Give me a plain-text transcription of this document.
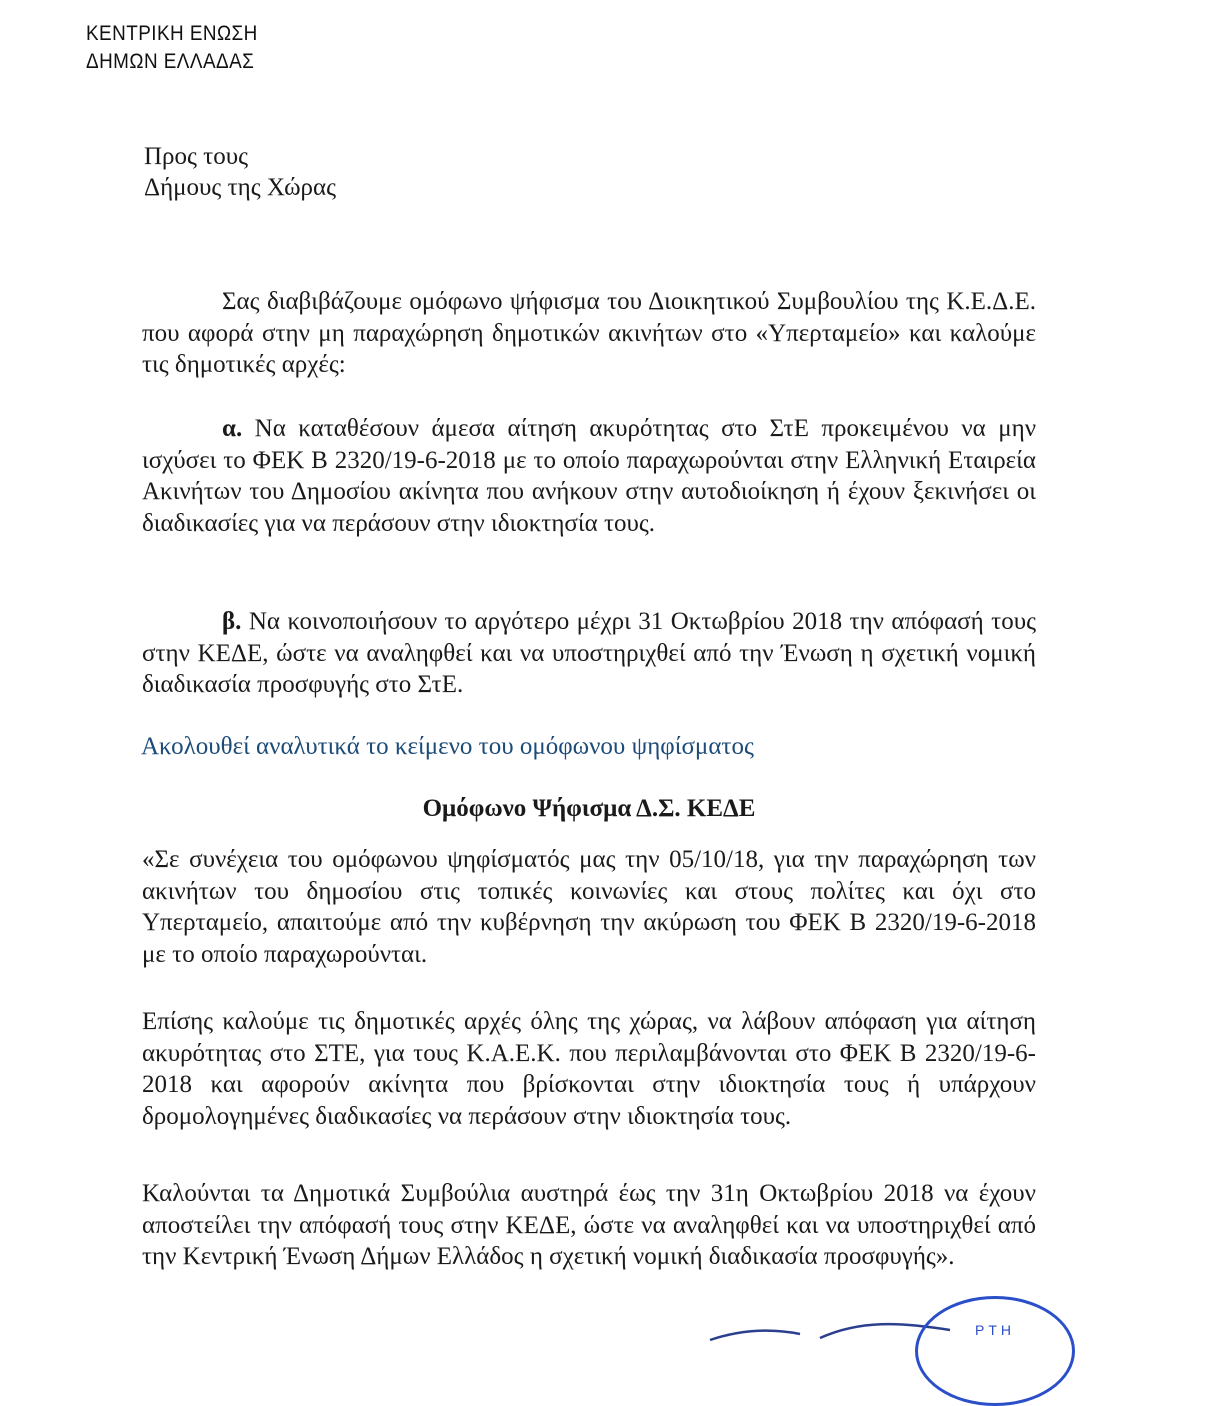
ΚΕΝΤΡΙΚΗ ΕΝΩΣΗ
ΔΗΜΩΝ ΕΛΛΑΔΑΣ
Προς τους
Δήμους της Χώρας

Σας διαβιβάζουμε ομόφωνο ψήφισμα του Διοικητικού Συμβουλίου της Κ.Ε.Δ.Ε. που αφορά στην μη παραχώρηση δημοτικών ακινήτων στο «Υπερταμείο» και καλούμε τις δημοτικές αρχές:

α. Να καταθέσουν άμεσα αίτηση ακυρότητας στο ΣτΕ προκειμένου να μην ισχύσει το ΦΕΚ Β 2320/19-6-2018 με το οποίο παραχωρούνται στην Ελληνική Εταιρεία Ακινήτων του Δημοσίου ακίνητα που ανήκουν στην αυτοδιοίκηση ή έχουν ξεκινήσει οι διαδικασίες για να περάσουν στην ιδιοκτησία τους.

β. Να κοινοποιήσουν το αργότερο μέχρι 31 Οκτωβρίου 2018 την απόφασή τους στην ΚΕΔΕ, ώστε να αναληφθεί και να υποστηριχθεί από την Ένωση η σχετική νομική διαδικασία προσφυγής στο ΣτΕ.

Ακολουθεί αναλυτικά το κείμενο του ομόφωνου ψηφίσματος
Ομόφωνο Ψήφισμα Δ.Σ. ΚΕΔΕ

«Σε συνέχεια του ομόφωνου ψηφίσματός μας την 05/10/18, για την παραχώρηση των ακινήτων του δημοσίου στις τοπικές κοινωνίες και στους πολίτες και όχι στο Υπερταμείο, απαιτούμε από την κυβέρνηση την ακύρωση του ΦΕΚ Β 2320/19-6-2018 με το οποίο παραχωρούνται.

Επίσης καλούμε τις δημοτικές αρχές όλης της χώρας, να λάβουν απόφαση για αίτηση ακυρότητας στο ΣΤΕ, για τους Κ.Α.Ε.Κ. που περιλαμβάνονται στο ΦΕΚ Β 2320/19-6-2018 και αφορούν ακίνητα που βρίσκονται στην ιδιοκτησία τους ή υπάρχουν δρομολογημένες διαδικασίες να περάσουν στην ιδιοκτησία τους.

Καλούνται τα Δημοτικά Συμβούλια αυστηρά έως την 31η Οκτωβρίου 2018 να έχουν αποστείλει την απόφασή τους στην ΚΕΔΕ, ώστε να αναληφθεί και να υποστηριχθεί από την Κεντρική Ένωση Δήμων Ελλάδος η σχετική νομική διαδικασία προσφυγής».

ΡΤΗ
